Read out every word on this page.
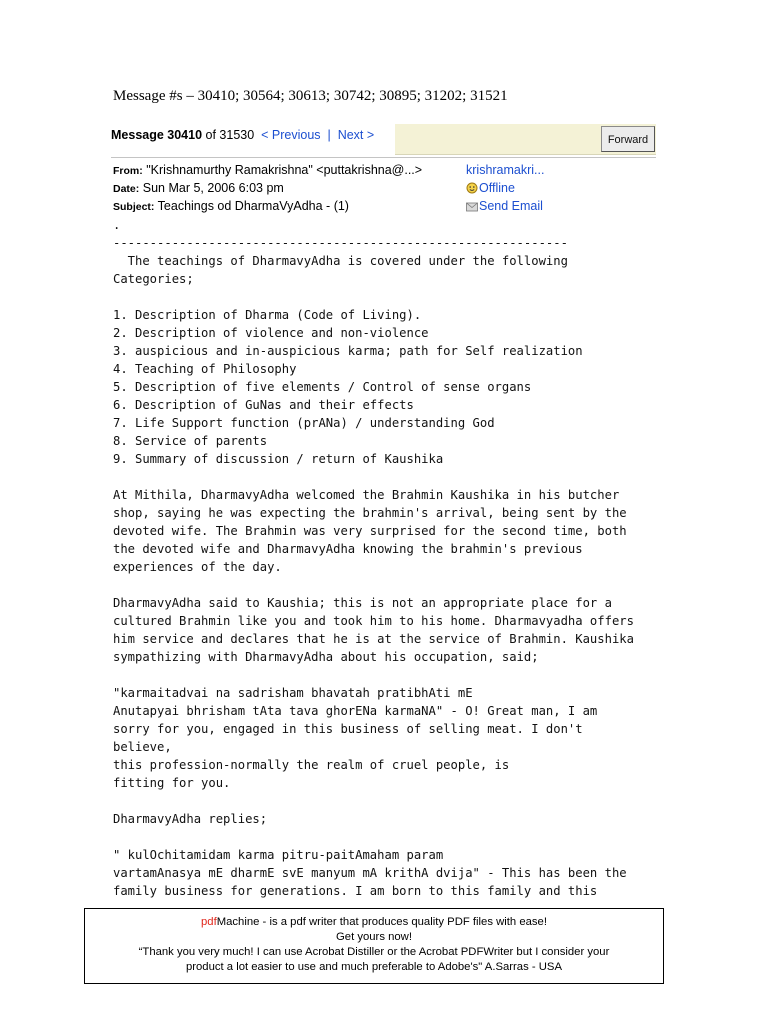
Message #s – 30410; 30564; 30613; 30742; 30895; 31202; 31521
Message 30410 of 31530 < Previous | Next >	Forward
From: "Krishnamurthy Ramakrishna" <puttakrishna@...>
Date: Sun Mar 5, 2006 6:03 pm
Subject: Teachings od DharmaVyAdha - (1)
krishramakri...
Offline
Send Email
.
--------------------------------------------------------------
The teachings of DharmavyAdha is covered under the following
Categories;

1. Description of Dharma (Code of Living).
2. Description of violence and non-violence
3. auspicious and in-auspicious karma; path for Self realization
4. Teaching of Philosophy
5. Description of five elements / Control of sense organs
6. Description of GuNas and their effects
7. Life Support function (prANa) / understanding God
8. Service of parents
9. Summary of discussion / return of Kaushika

At Mithila, DharmavyAdha welcomed the Brahmin Kaushika in his butcher
shop, saying he was expecting the brahmin's arrival, being sent by the
devoted wife. The Brahmin was very surprised for the second time, both
the devoted wife and DharmavyAdha knowing the brahmin's previous
experiences of the day.

DharmavyAdha said to Kaushia; this is not an appropriate place for a
cultured Brahmin like you and took him to his home. Dharmavyadha offers
him service and declares that he is at the service of Brahmin. Kaushika
sympathizing with DharmavyAdha about his occupation, said;

"karmaitadvai na sadrisham bhavatah pratibhAti mE
Anutapyai bhrisham tAta tava ghorENa karmaNA" - O! Great man, I am
sorry for you, engaged in this business of selling meat. I don't
believe,
this profession-normally the realm of cruel people, is
fitting for you.

DharmavyAdha replies;

" kulOchitamidam karma pitru-paitAmaham param
vartamAnasya mE dharmE svE manyum mA krithA dvija" - This has been the
family business for generations. I am born to this family and this
pdfMachine - is a pdf writer that produces quality PDF files with ease!
Get yours now!
“Thank you very much! I can use Acrobat Distiller or the Acrobat PDFWriter but I consider your
product a lot easier to use and much preferable to Adobe's" A.Sarras - USA
